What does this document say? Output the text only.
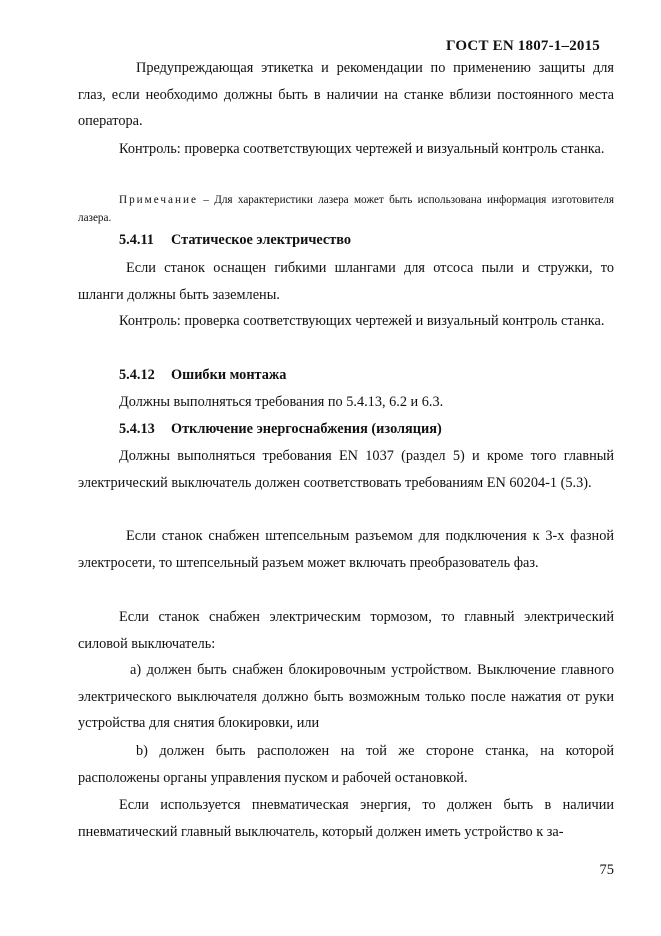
ГОСТ EN 1807-1–2015
Предупреждающая этикетка и рекомендации по применению защиты для глаз, если необходимо должны быть в наличии на станке вблизи постоянного места оператора.
Контроль: проверка соответствующих чертежей и визуальный контроль станка.
Примечание – Для характеристики лазера может быть использована информация изготовителя лазера.
5.4.11 Статическое электричество
Если станок оснащен гибкими шлангами для отсоса пыли и стружки, то шланги должны быть заземлены.
Контроль: проверка соответствующих чертежей и визуальный контроль станка.
5.4.12 Ошибки монтажа
Должны выполняться требования по 5.4.13, 6.2 и 6.3.
5.4.13 Отключение энергоснабжения (изоляция)
Должны выполняться требования EN 1037 (раздел 5) и кроме того главный электрический выключатель должен соответствовать требованиям EN 60204-1 (5.3).
Если станок снабжен штепсельным разъемом для подключения к 3-х фазной электросети, то штепсельный разъем может включать преобразователь фаз.
Если станок снабжен электрическим тормозом, то главный электрический силовой выключатель:
а) должен быть снабжен блокировочным устройством. Выключение главного электрического выключателя должно быть возможным только после нажатия от руки устройства для снятия блокировки, или
b) должен быть расположен на той же стороне станка, на которой расположены органы управления пуском и рабочей остановкой.
Если используется пневматическая энергия, то должен быть в наличии пневматический главный выключатель, который должен иметь устройство к за-
75
